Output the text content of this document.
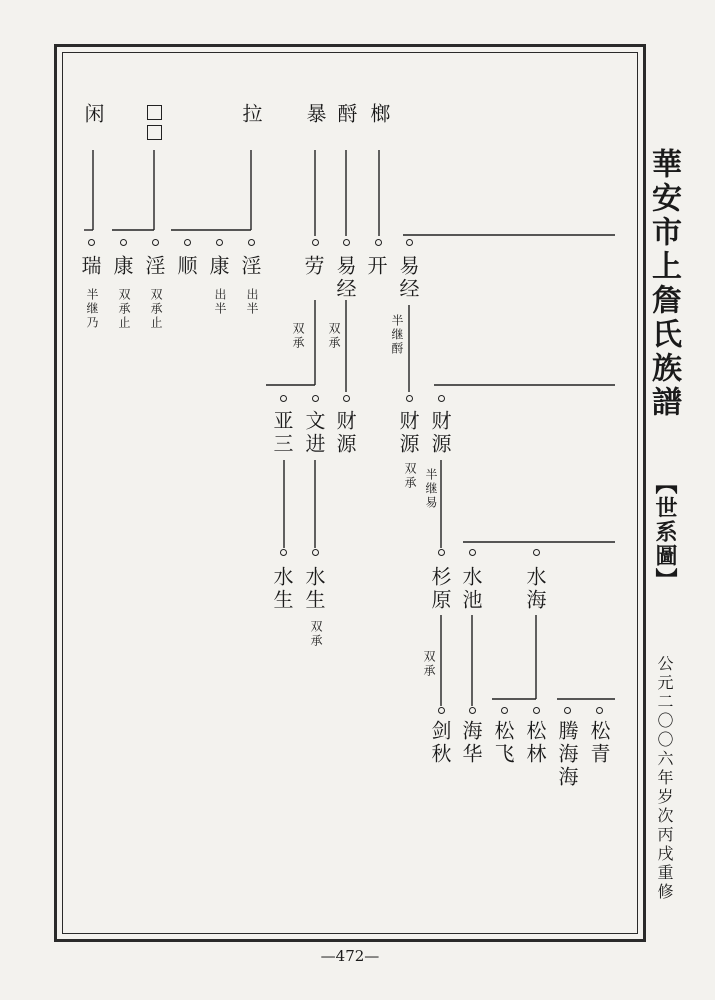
華安市上詹氏族譜
【世系圖】
公元二〇〇六年岁次丙戌重修
—472—
榔
酹
暴
拉
闲
易经
开
易经
劳
淫
康
顺
淫
康
瑞
半继酹
出半
出半
双承止
双承止
半继乃
双承
双承
财源
财源
财源
文进
亚三
半继易
双承
水海
水池
杉原
水生
水生
双承
双承
松青
腾海海
松林
松飞
海华
剑秋
